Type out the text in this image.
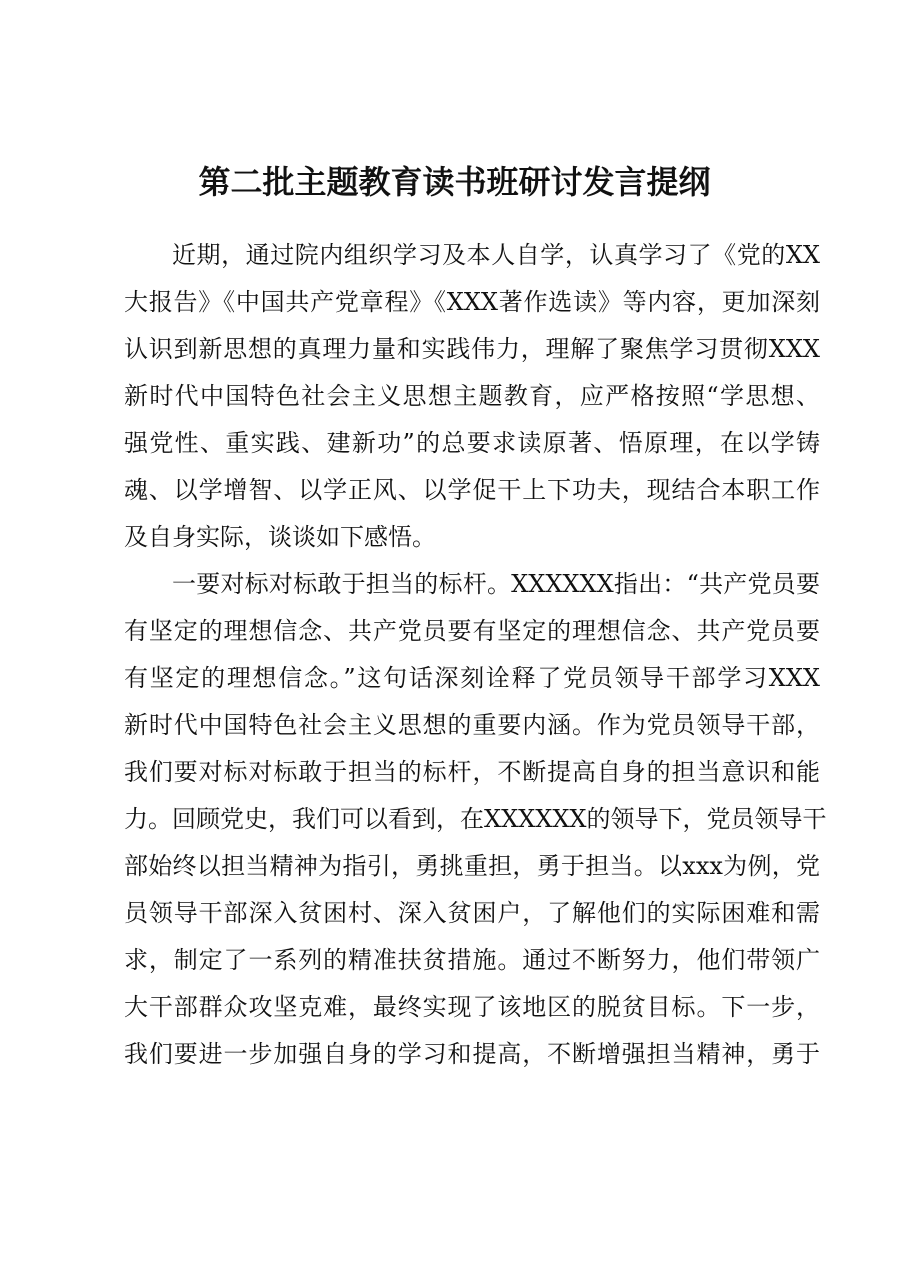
第二批主题教育读书班研讨发言提纲
近期，通过院内组织学习及本人自学，认真学习了《党的XX
大报告》《中国共产党章程》《XXX著作选读》等内容，更加深刻
认识到新思想的真理力量和实践伟力，理解了聚焦学习贯彻XXX
新时代中国特色社会主义思想主题教育，应严格按照“学思想、
强党性、重实践、建新功”的总要求读原著、悟原理，在以学铸
魂、以学增智、以学正风、以学促干上下功夫，现结合本职工作
及自身实际，谈谈如下感悟。
一要对标对标敢于担当的标杆。XXXXXX指出：“共产党员要
有坚定的理想信念、共产党员要有坚定的理想信念、共产党员要
有坚定的理想信念。”这句话深刻诠释了党员领导干部学习XXX
新时代中国特色社会主义思想的重要内涵。作为党员领导干部，
我们要对标对标敢于担当的标杆，不断提高自身的担当意识和能
力。回顾党史，我们可以看到，在XXXXXX的领导下，党员领导干
部始终以担当精神为指引，勇挑重担，勇于担当。以xxx为例，党
员领导干部深入贫困村、深入贫困户，了解他们的实际困难和需
求，制定了一系列的精准扶贫措施。通过不断努力，他们带领广
大干部群众攻坚克难，最终实现了该地区的脱贫目标。下一步，
我们要进一步加强自身的学习和提高，不断增强担当精神，勇于
